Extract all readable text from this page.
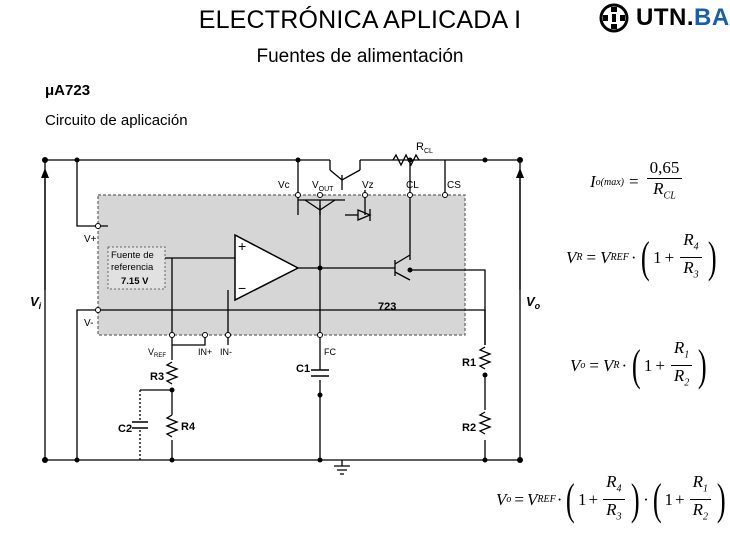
ELECTRÓNICA APLICADA I
Fuentes de alimentación
UTN.BA
μA723
Circuito de aplicación
Fuente de
referencia
7.15 V
+
−
$R_{CL}$
Vc $V_{OUT}$	Vz	CL	CS
V+
V-
723
$V_i$	$V_o$
$V_{REF}$	IN+ IN-	FC
C1
R3
R4
C2
R1
R2
I $o(\max) = \frac{0,65}{R_{CL}}$
V R = V REF · ( $1 + \frac{R_4}{R_3}$ )
V o = V R · ( $1 + \frac{R_1}{R_2}$ )
V o = V REF · ( $1 + \frac{R_4}{R_3}$ ) · ( $1 + \frac{R_1}{R_2}$ )
